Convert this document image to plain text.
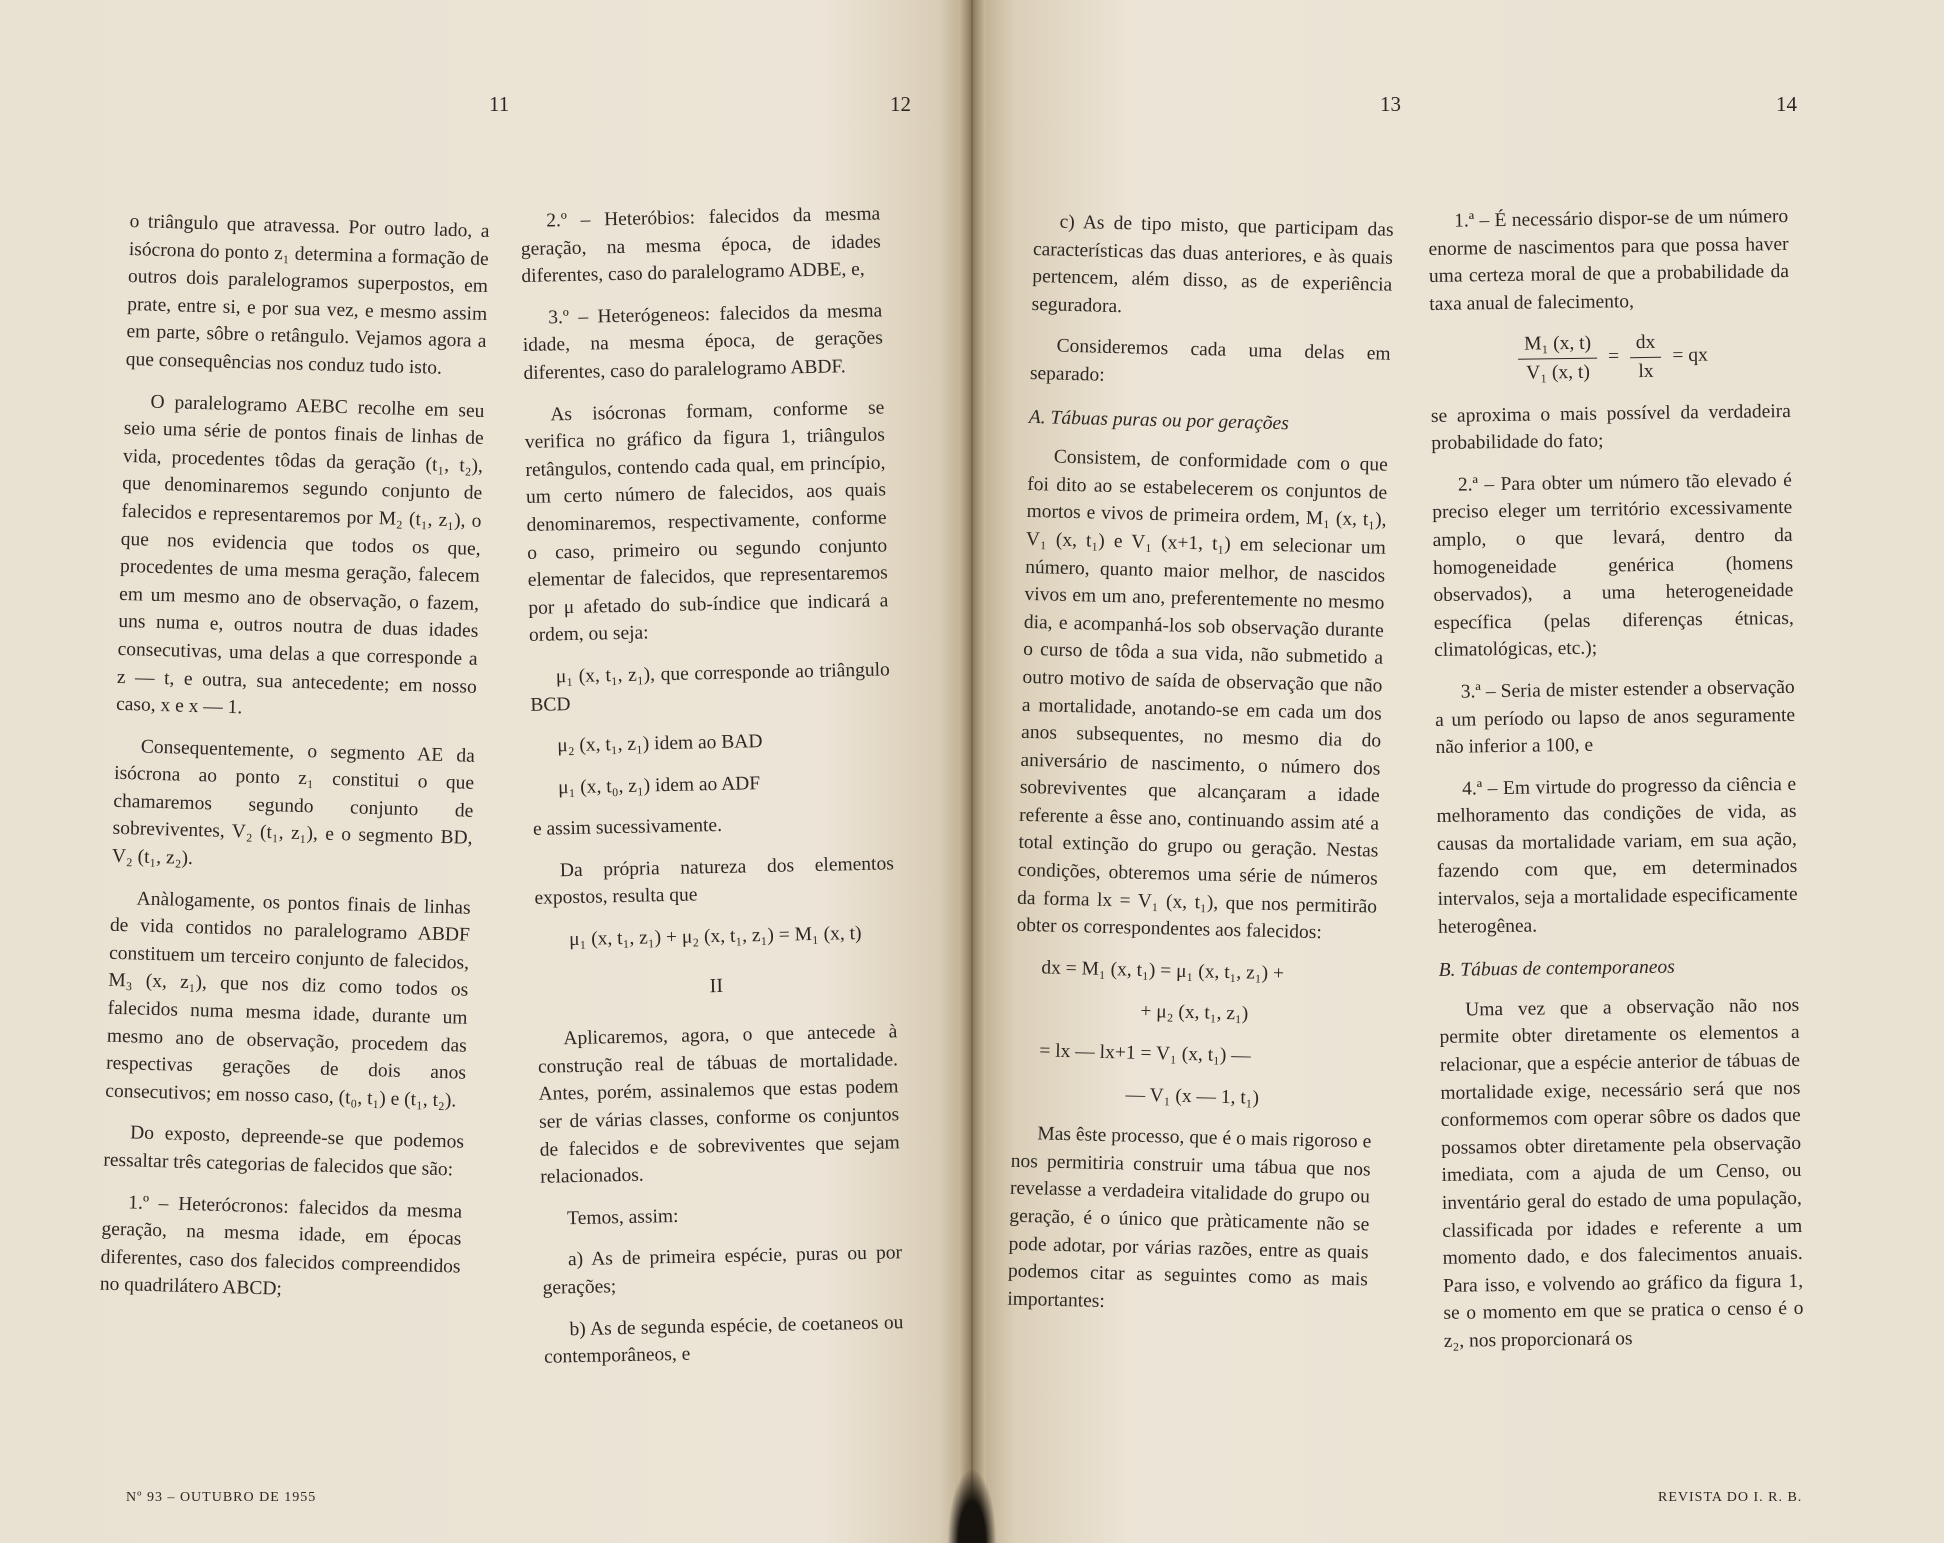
11	12

o triângulo que atravessa. Por outro lado, a isócrona do ponto z₁ determina a formação de outros dois paralelogramos superpostos, em prate, entre si, e por sua vez, e mesmo assim em parte, sôbre o retângulo. Vejamos agora a que consequências nos conduz tudo isto.

O paralelogramo AEBC recolhe em seu seio uma série de pontos finais de linhas de vida, procedentes tôdas da geração (t₁, t₂), que denominaremos segundo conjunto de falecidos e representaremos por M₂ (t₁, z₁), o que nos evidencia que todos os que, procedentes de uma mesma geração, falecem em um mesmo ano de observação, o fazem, uns numa e, outros noutra de duas idades consecutivas, uma delas a que corresponde a z — t, e outra, sua antecedente; em nosso caso, x e x — 1.

Consequentemente, o segmento AE da isócrona ao ponto z₁ constitui o que chamaremos segundo conjunto de sobreviventes, V₂ (t₁, z₁), e o segmento BD, V₂ (t₁, z₂).

Anàlogamente, os pontos finais de linhas de vida contidos no paralelogramo ABDF constituem um terceiro conjunto de falecidos, M₃ (x, z₁), que nos diz como todos os falecidos numa mesma idade, durante um mesmo ano de observação, procedem das respectivas gerações de dois anos consecutivos; em nosso caso, (t₀, t₁) e (t₁, t₂).

Do exposto, depreende-se que podemos ressaltar três categorias de falecidos que são:

1.º – Heterócronos: falecidos da mesma geração, na mesma idade, em épocas diferentes, caso dos falecidos compreendidos no quadrilátero ABCD;

2.º – Heteróbios: falecidos da mesma geração, na mesma época, de idades diferentes, caso do paralelogramo ADBE, e,

3.º – Heterógeneos: falecidos da mesma idade, na mesma época, de gerações diferentes, caso do paralelogramo ABDF.

As isócronas formam, conforme se verifica no gráfico da figura 1, triângulos retângulos, contendo cada qual, em princípio, um certo número de falecidos, aos quais denominaremos, respectivamente, conforme o caso, primeiro ou segundo conjunto elementar de falecidos, que representaremos por μ afetado do sub-índice que indicará a ordem, ou seja:

μ₁ (x, t₁, z₁), que corresponde ao triângulo BCD

μ₂ (x, t₁, z₁) idem ao BAD

μ₁ (x, t₀, z₁) idem ao ADF

e assim sucessivamente.

Da própria natureza dos elementos expostos, resulta que

μ₁ (x, t₁, z₁) + μ₂ (x, t₁, z₁) = M₁ (x, t)

II

Aplicaremos, agora, o que antecede à construção real de tábuas de mortalidade. Antes, porém, assinalemos que estas podem ser de várias classes, conforme os conjuntos de falecidos e de sobreviventes que sejam relacionados.

Temos, assim:

a) As de primeira espécie, puras ou por gerações;

b) As de segunda espécie, de coetaneos ou contemporâneos, e

Nº 93 – OUTUBRO DE 1955
13	14
REVISTA DO I. R. B.

c) As de tipo misto, que participam das características das duas anteriores, e às quais pertencem, além disso, as de experiência seguradora.

Consideremos cada uma delas em separado:

A. Tábuas puras ou por gerações

Consistem, de conformidade com o que foi dito ao se estabelecerem os conjuntos de mortos e vivos de primeira ordem, M₁ (x, t₁), V₁ (x, t₁) e V₁ (x+1, t₁) em selecionar um número, quanto maior melhor, de nascidos vivos em um ano, preferentemente no mesmo dia, e acompanhá-los sob observação durante o curso de tôda a sua vida, não submetido a outro motivo de saída de observação que não a mortalidade, anotando-se em cada um dos anos subsequentes, no mesmo dia do aniversário de nascimento, o número dos sobreviventes que alcançaram a idade referente a êsse ano, continuando assim até a total extinção do grupo ou geração. Nestas condições, obteremos uma série de números da forma lx = V₁ (x, t₁), que nos permitirão obter os correspondentes aos falecidos:

dx = M₁ (x, t₁) = μ₁ (x, t₁, z₁) +

+ μ₂ (x, t₁, z₁)

= lx — lx+1 = V₁ (x, t₁) —

— V₁ (x — 1, t₁)

Mas êste processo, que é o mais rigoroso e nos permitiria construir uma tábua que nos revelasse a verdadeira vitalidade do grupo ou geração, é o único que pràticamente não se pode adotar, por várias razões, entre as quais podemos citar as seguintes como as mais importantes:

1.ª – É necessário dispor-se de um número enorme de nascimentos para que possa haver uma certeza moral de que a probabilidade da taxa anual de falecimento,

$\frac{\text{M₁ (x, t)}}{\text{V₁ (x, t)}} = \frac{dx}{lx}$ = qx

se aproxima o mais possível da verdadeira probabilidade do fato;

2.ª – Para obter um número tão elevado é preciso eleger um território excessivamente amplo, o que levará, dentro da homogeneidade genérica (homens observados), a uma heterogeneidade específica (pelas diferenças étnicas, climatológicas, etc.);

3.ª – Seria de mister estender a observação a um período ou lapso de anos seguramente não inferior a 100, e

4.ª – Em virtude do progresso da ciência e melhoramento das condições de vida, as causas da mortalidade variam, em sua ação, fazendo com que, em determinados intervalos, seja a mortalidade especificamente heterogênea.

B. Tábuas de contemporaneos

Uma vez que a observação não nos permite obter diretamente os elementos a relacionar, que a espécie anterior de tábuas de mortalidade exige, necessário será que nos conformemos com operar sôbre os dados que possamos obter diretamente pela observação imediata, com a ajuda de um Censo, ou inventário geral do estado de uma população, classificada por idades e referente a um momento dado, e dos falecimentos anuais. Para isso, e volvendo ao gráfico da figura 1, se o momento em que se pratica o censo é o z₂, nos proporcionará os
